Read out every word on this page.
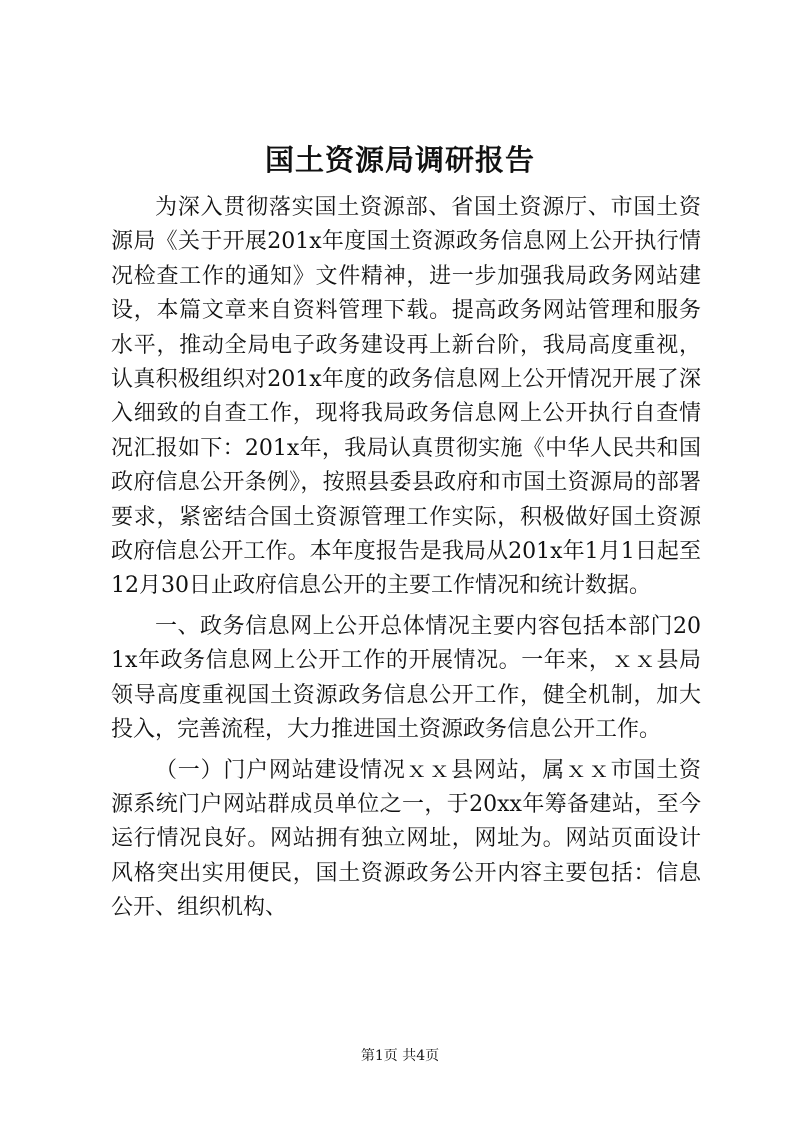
国土资源局调研报告

为深入贯彻落实国土资源部、省国土资源厅、市国土资源局《关于开展201x年度国土资源政务信息网上公开执行情况检查工作的通知》文件精神，进一步加强我局政务网站建设，本篇文章来自资料管理下载。提高政务网站管理和服务水平，推动全局电子政务建设再上新台阶，我局高度重视，认真积极组织对201x年度的政务信息网上公开情况开展了深入细致的自查工作，现将我局政务信息网上公开执行自查情况汇报如下：201x年，我局认真贯彻实施《中华人民共和国政府信息公开条例》，按照县委县政府和市国土资源局的部署要求，紧密结合国土资源管理工作实际，积极做好国土资源政府信息公开工作。本年度报告是我局从201x年1月1日起至12月30日止政府信息公开的主要工作情况和统计数据。

一、政务信息网上公开总体情况主要内容包括本部门201x年政务信息网上公开工作的开展情况。一年来，ｘｘ县局领导高度重视国土资源政务信息公开工作，健全机制，加大投入，完善流程，大力推进国土资源政务信息公开工作。

（一）门户网站建设情况ｘｘ县网站，属ｘｘ市国土资源系统门户网站群成员单位之一，于20xx年筹备建站，至今运行情况良好。网站拥有独立网址，网址为。网站页面设计风格突出实用便民，国土资源政务公开内容主要包括：信息公开、组织机构、

第1页 共4页
